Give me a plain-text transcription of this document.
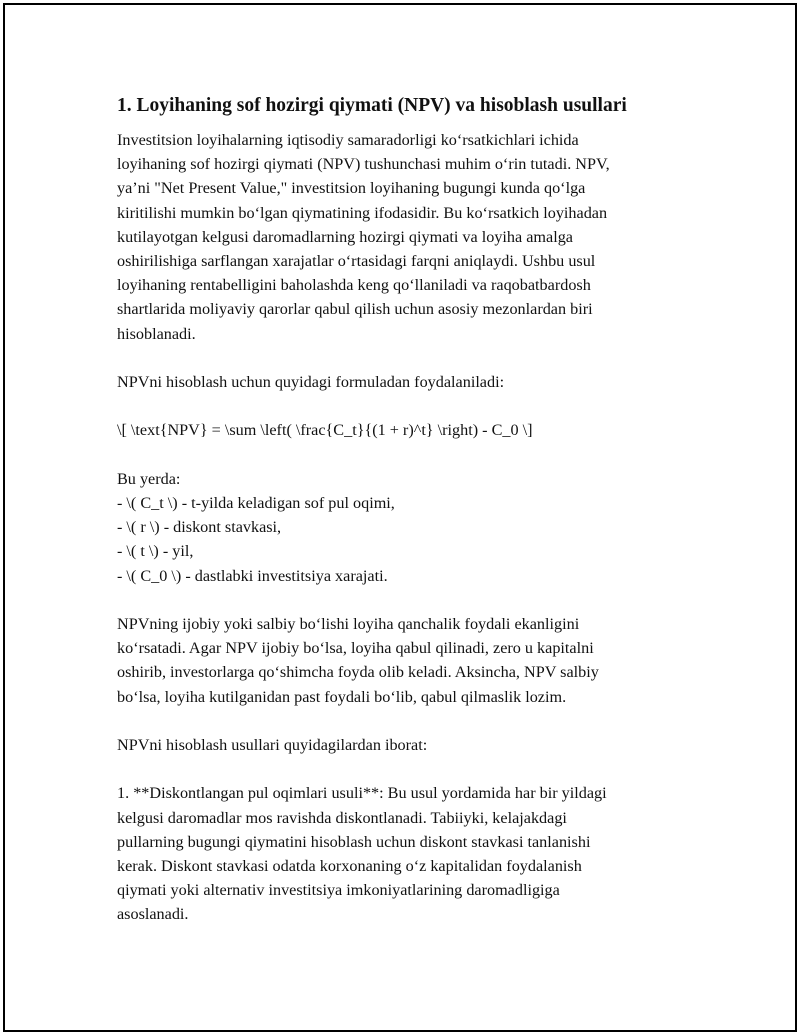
1. Loyihaning sof hozirgi qiymati (NPV) va hisoblash usullari

Investitsion loyihalarning iqtisodiy samaradorligi ko‘rsatkichlari ichida
loyihaning sof hozirgi qiymati (NPV) tushunchasi muhim o‘rin tutadi. NPV,
ya’ni "Net Present Value," investitsion loyihaning bugungi kunda qo‘lga
kiritilishi mumkin bo‘lgan qiymatining ifodasidir. Bu ko‘rsatkich loyihadan
kutilayotgan kelgusi daromadlarning hozirgi qiymati va loyiha amalga
oshirilishiga sarflangan xarajatlar o‘rtasidagi farqni aniqlaydi. Ushbu usul
loyihaning rentabelligini baholashda keng qo‘llaniladi va raqobatbardosh
shartlarida moliyaviy qarorlar qabul qilish uchun asosiy mezonlardan biri
hisoblanadi.

NPVni hisoblash uchun quyidagi formuladan foydalaniladi:

\[ \text{NPV} = \sum \left( \frac{C_t}{(1 + r)^t} \right) - C_0 \]

Bu yerda:
- \( C_t \) - t-yilda keladigan sof pul oqimi,
- \( r \) - diskont stavkasi,
- \( t \) - yil,
- \( C_0 \) - dastlabki investitsiya xarajati.

NPVning ijobiy yoki salbiy bo‘lishi loyiha qanchalik foydali ekanligini
ko‘rsatadi. Agar NPV ijobiy bo‘lsa, loyiha qabul qilinadi, zero u kapitalni
oshirib, investorlarga qo‘shimcha foyda olib keladi. Aksincha, NPV salbiy
bo‘lsa, loyiha kutilganidan past foydali bo‘lib, qabul qilmaslik lozim.

NPVni hisoblash usullari quyidagilardan iborat:

1. **Diskontlangan pul oqimlari usuli**: Bu usul yordamida har bir yildagi
kelgusi daromadlar mos ravishda diskontlanadi. Tabiiyki, kelajakdagi
pullarning bugungi qiymatini hisoblash uchun diskont stavkasi tanlanishi
kerak. Diskont stavkasi odatda korxonaning o‘z kapitalidan foydalanish
qiymati yoki alternativ investitsiya imkoniyatlarining daromadligiga
asoslanadi.
